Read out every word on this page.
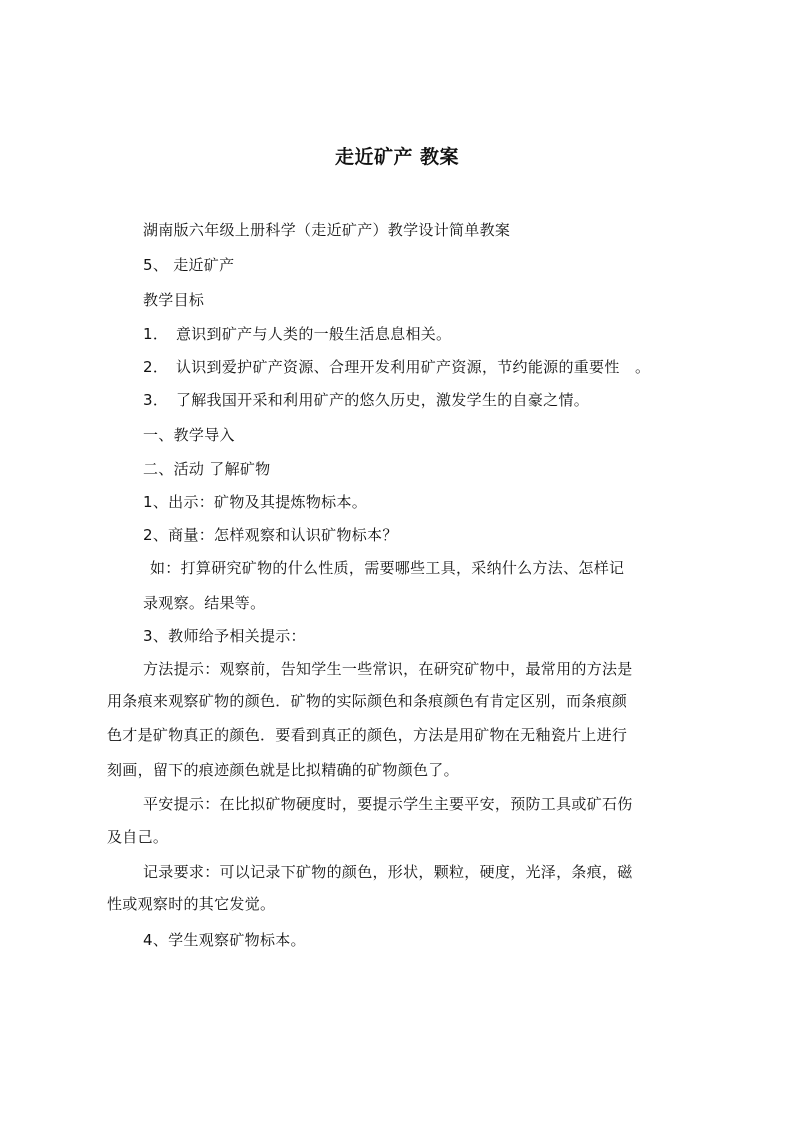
走近矿产 教案
湖南版六年级上册科学（走近矿产）教学设计简单教案
5、 走近矿产
教学目标
1．　意识到矿产与人类的一般生活息息相关。
2．　认识到爱护矿产资源、合理开发利用矿产资源，节约能源的重要性　。
3．　了解我国开采和利用矿产的悠久历史，激发学生的自豪之情。
一、教学导入
二、活动 了解矿物
1、出示：矿物及其提炼物标本。
2、商量：怎样观察和认识矿物标本？
如：打算研究矿物的什么性质，需要哪些工具，采纳什么方法、怎样记
录观察。结果等。
3、教师给予相关提示：
方法提示：观察前，告知学生一些常识，在研究矿物中，最常用的方法是
用条痕来观察矿物的颜色．矿物的实际颜色和条痕颜色有肯定区别，而条痕颜
色才是矿物真正的颜色．要看到真正的颜色，方法是用矿物在无釉瓷片上进行
刻画，留下的痕迹颜色就是比拟精确的矿物颜色了。
平安提示：在比拟矿物硬度时，要提示学生主要平安，预防工具或矿石伤
及自己。
记录要求：可以记录下矿物的颜色，形状，颗粒，硬度，光泽，条痕，磁
性或观察时的其它发觉。
4、学生观察矿物标本。
